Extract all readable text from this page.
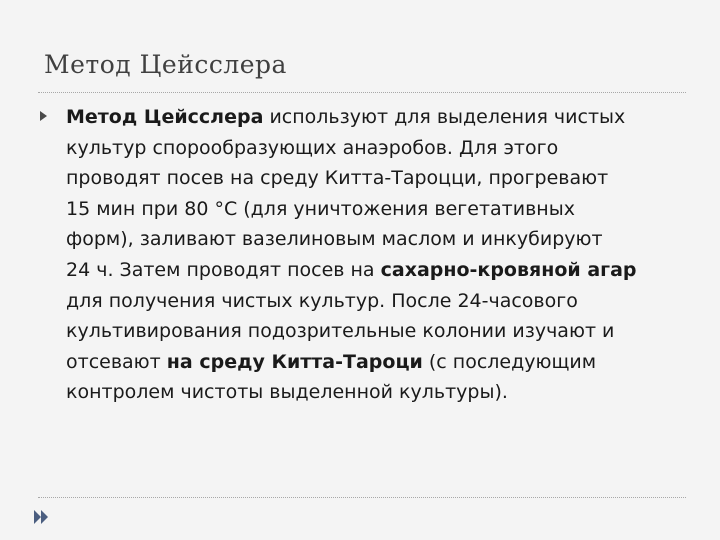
Метод Цейсслера
Метод Цейсслера используют для выделения чистых
культур спорообразующих анаэробов. Для этого
проводят посев на среду Китта-Тароцци, прогревают
15 мин при 80 °С (для уничтожения вегетативных
форм), заливают вазелиновым маслом и инкубируют
24 ч. Затем проводят посев на сахарно-кровяной агар
для получения чистых культур. После 24-часового
культивирования подозрительные колонии изучают и
отсевают на среду Китта-Тароци (с последующим
контролем чистоты выделенной культуры).
